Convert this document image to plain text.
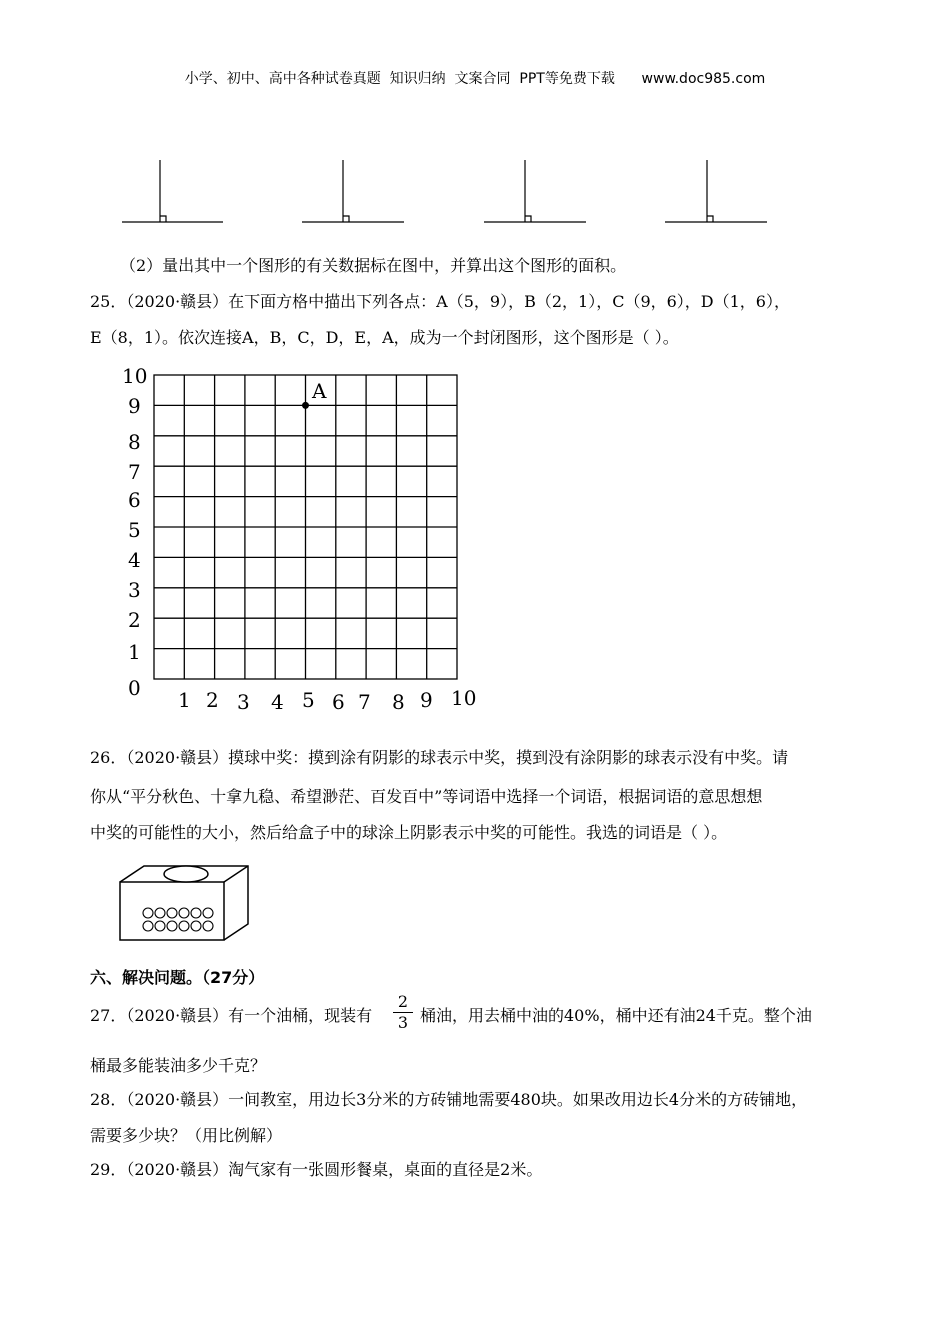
小学、初中、高中各种试卷真题  知识归纳  文案合同  PPT等免费下载      www.doc985.com
（2）量出其中一个图形的有关数据标在图中，并算出这个图形的面积。
25．（2020·赣县）在下面方格中描出下列各点：A（5，9），B（2，1），C（9，6），D（1，6），
E（8，1）。依次连接A，B，C，D，E，A，成为一个封闭图形，这个图形是（ ）。
10
9
8
7
6
5
4
3
2
1
0 1 2 3 4 5 6 7 8 9 10
A
26．（2020·赣县）摸球中奖：摸到涂有阴影的球表示中奖，摸到没有涂阴影的球表示没有中奖。请
你从“平分秋色、十拿九稳、希望渺茫、百发百中”等词语中选择一个词语，根据词语的意思想想
中奖的可能性的大小，然后给盒子中的球涂上阴影表示中奖的可能性。我选的词语是（ ）。
六、解决问题。（27分）
27．（2020·赣县）有一个油桶，现装有
2
3 桶油，用去桶中油的40%，桶中还有油24千克。整个油
桶最多能装油多少千克？
28．（2020·赣县）一间教室，用边长3分米的方砖铺地需要480块。如果改用边长4分米的方砖铺地，
需要多少块？（用比例解）
29．（2020·赣县）淘气家有一张圆形餐桌，桌面的直径是2米。
